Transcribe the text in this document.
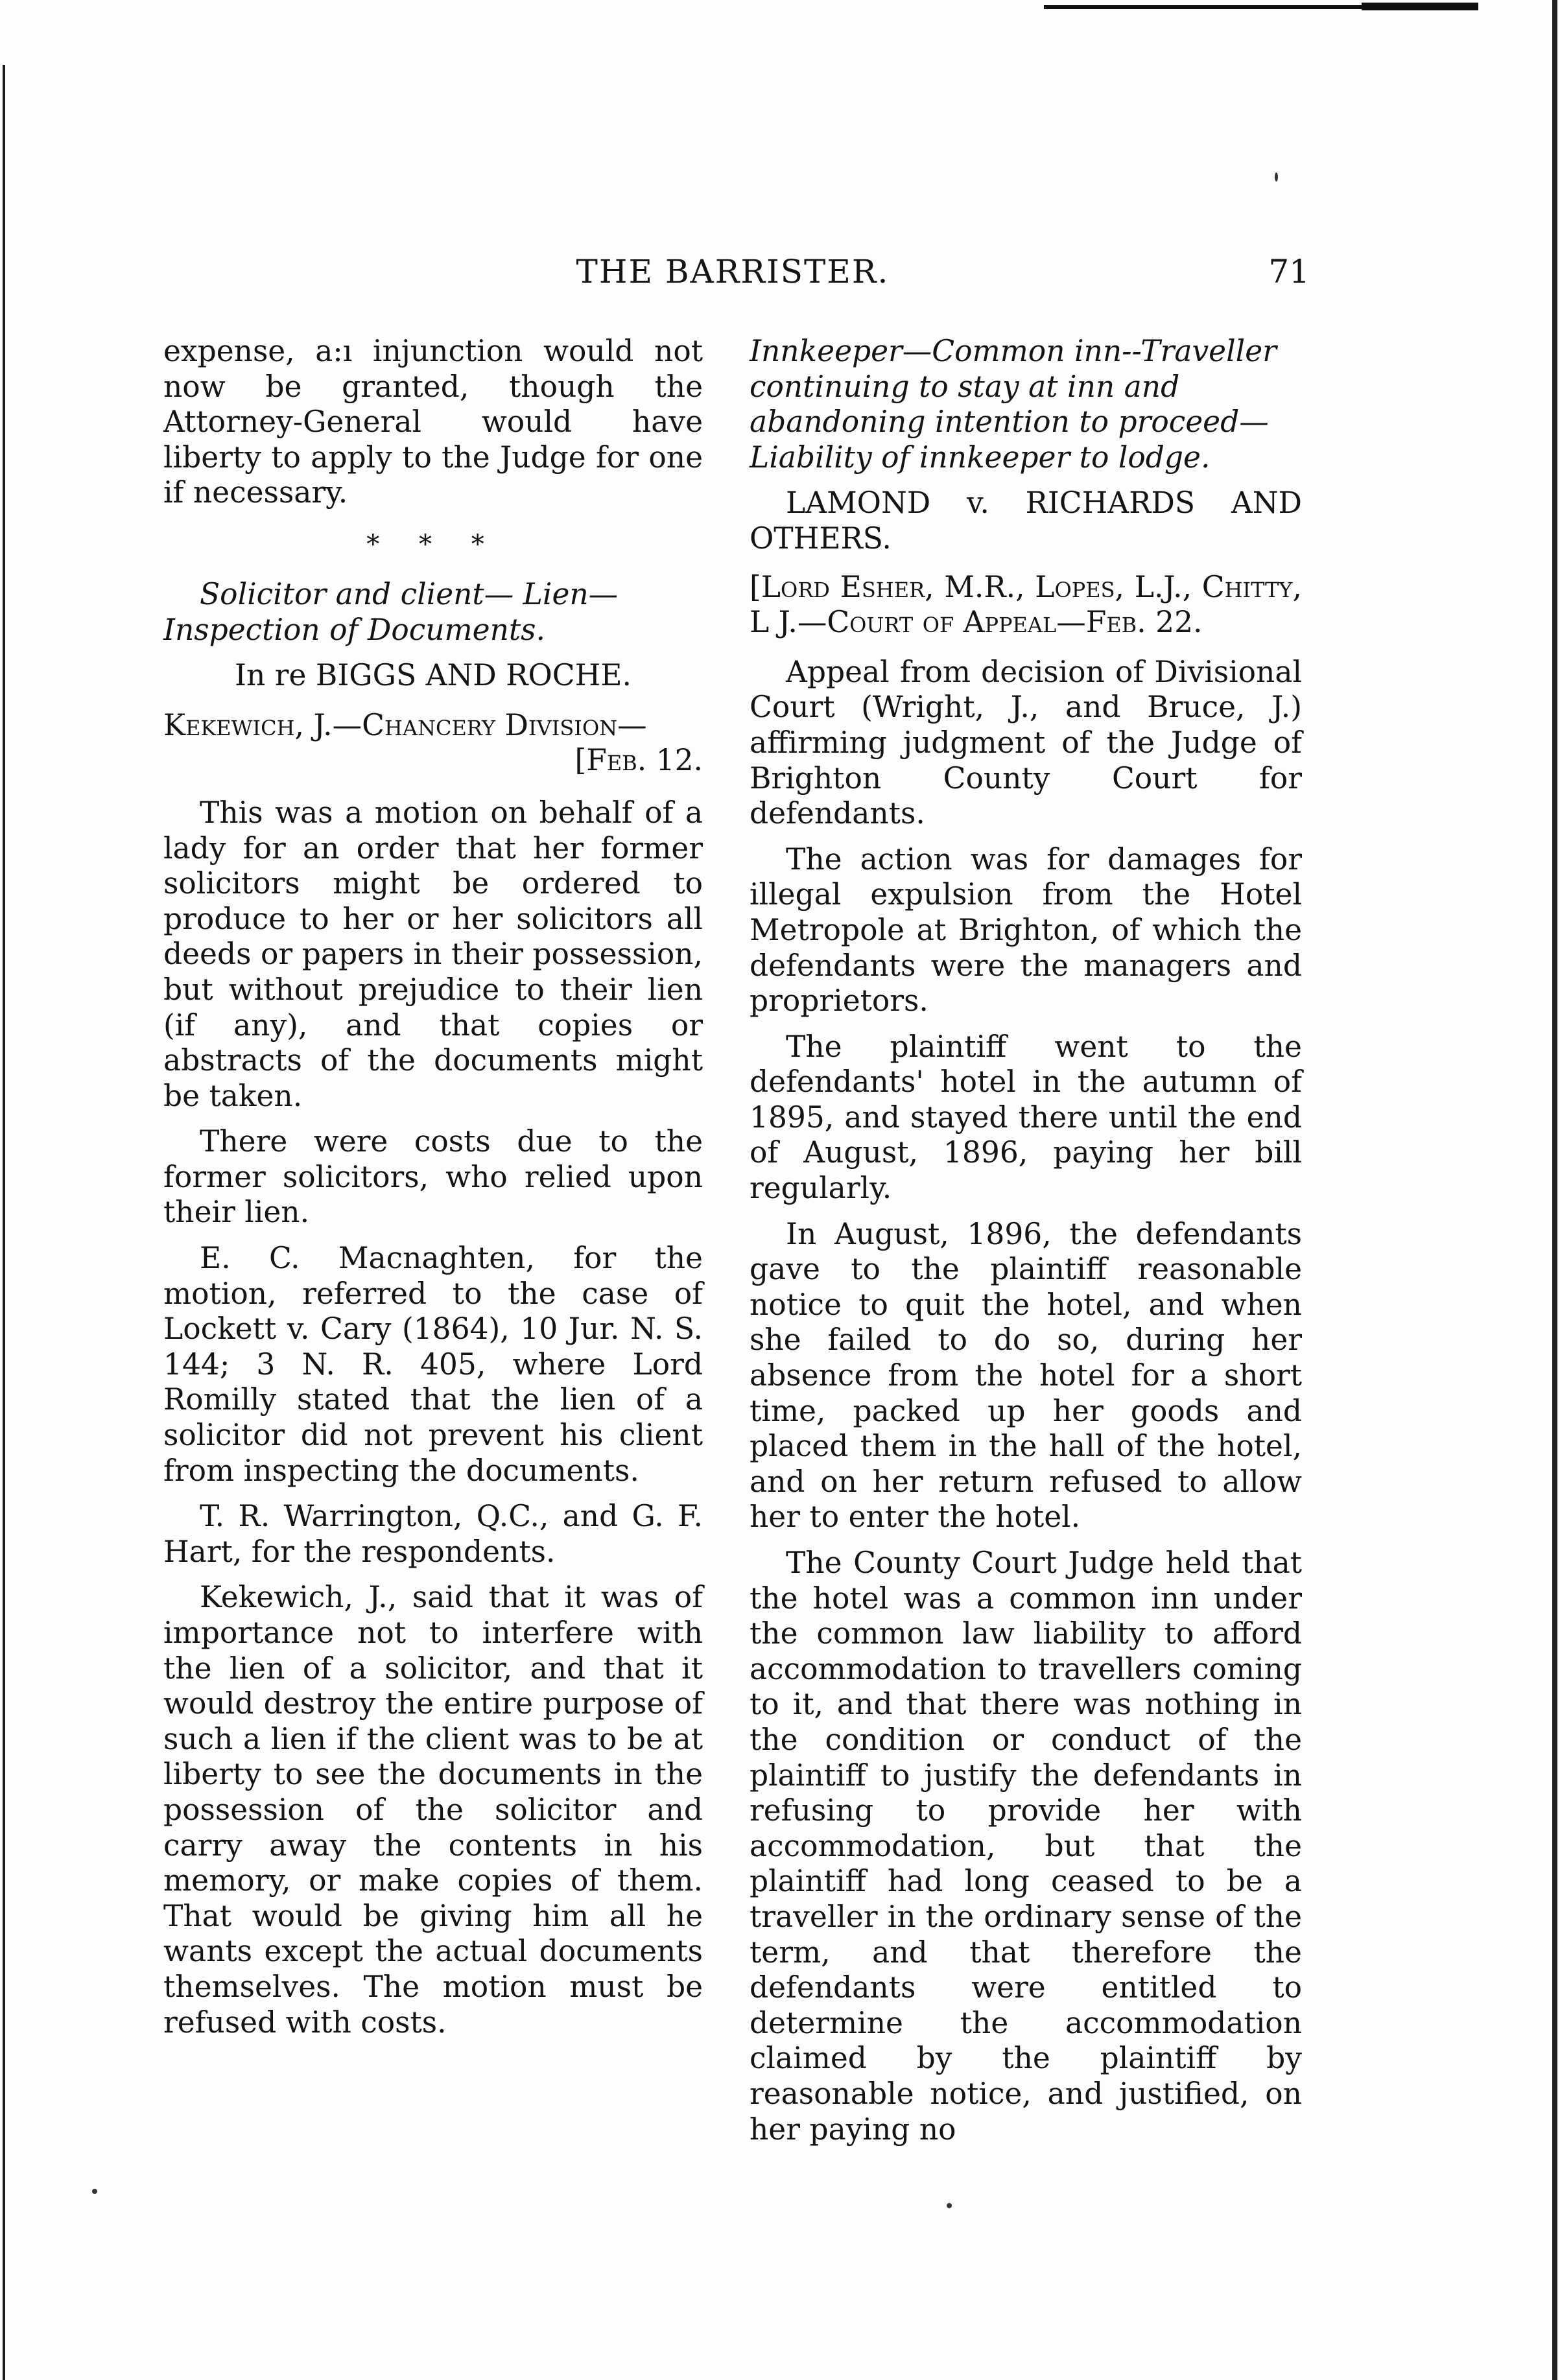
THE BARRISTER.	71

expense, a:ı injunction would not now be granted, though the Attorney-General would have liberty to apply to the Judge for one if necessary.

* * *

Solicitor and client— Lien—Inspection of Documents.

In re BIGGS AND ROCHE.

Kekewich, J.—Chancery Division—

[Feb. 12.

This was a motion on behalf of a lady for an order that her former solicitors might be ordered to produce to her or her solicitors all deeds or papers in their possession, but without prejudice to their lien (if any), and that copies or abstracts of the documents might be taken.

There were costs due to the former solicitors, who relied upon their lien.

E. C. Macnaghten, for the motion, referred to the case of Lockett v. Cary (1864), 10 Jur. N. S. 144; 3 N. R. 405, where Lord Romilly stated that the lien of a solicitor did not prevent his client from inspecting the documents.

T. R. Warrington, Q.C., and G. F. Hart, for the respondents.

Kekewich, J., said that it was of importance not to interfere with the lien of a solicitor, and that it would destroy the entire purpose of such a lien if the client was to be at liberty to see the documents in the possession of the solicitor and carry away the contents in his memory, or make copies of them. That would be giving him all he wants except the actual documents themselves. The motion must be refused with costs.

Innkeeper—Common inn--Traveller continuing to stay at inn and abandoning intention to proceed—Liability of innkeeper to lodge.

LAMOND v. RICHARDS AND OTHERS.

[Lord Esher, M.R., Lopes, L.J., Chitty, L J.—Court of Appeal—Feb. 22.

Appeal from decision of Divisional Court (Wright, J., and Bruce, J.) affirming judgment of the Judge of Brighton County Court for defendants.

The action was for damages for illegal expulsion from the Hotel Metropole at Brighton, of which the defendants were the managers and proprietors.

The plaintiff went to the defendants' hotel in the autumn of 1895, and stayed there until the end of August, 1896, paying her bill regularly.

In August, 1896, the defendants gave to the plaintiff reasonable notice to quit the hotel, and when she failed to do so, during her absence from the hotel for a short time, packed up her goods and placed them in the hall of the hotel, and on her return refused to allow her to enter the hotel.

The County Court Judge held that the hotel was a common inn under the common law liability to afford accommodation to travellers coming to it, and that there was nothing in the condition or conduct of the plaintiff to justify the defendants in refusing to provide her with accommodation, but that the plaintiff had long ceased to be a traveller in the ordinary sense of the term, and that therefore the defendants were entitled to determine the accommodation claimed by the plaintiff by reasonable notice, and justified, on her paying no
